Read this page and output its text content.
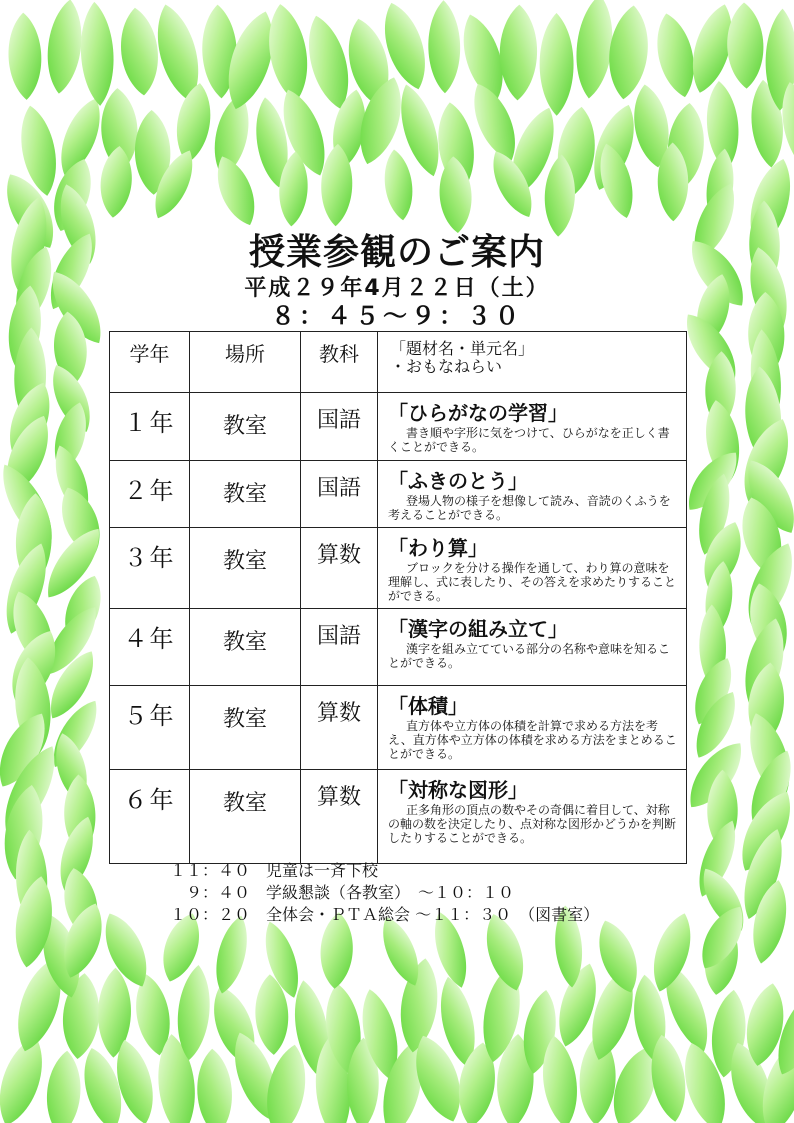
授業参観のご案内
平成２９年4月２２日（土）
８：４５〜９：３０
学年	場所	教科	「題材名・単元名」
・おもなねらい

１年	教室	国語	「ひらがなの学習」
書き順や字形に気をつけて、ひらがなを正しく書くことができる。

２年	教室	国語	「ふきのとう」
登場人物の様子を想像して読み、音読のくふうを考えることができる。

３年	教室	算数	「わり算」
ブロックを分ける操作を通して、わり算の意味を理解し、式に表したり、その答えを求めたりすることができる。

４年	教室	国語	「漢字の組み立て」
漢字を組み立てている部分の名称や意味を知ることができる。

５年	教室	算数	「体積」
直方体や立方体の体積を計算で求める方法を考え、直方体や立方体の体積を求める方法をまとめることができる。

６年	教室	算数	「対称な図形」
正多角形の頂点の数やその奇偶に着目して、対称の軸の数を決定したり、点対称な図形かどうかを判断したりすることができる。
１１：４０　児童は一斉下校
　９：４０　学級懇談（各教室）　〜１０：１０
１０：２０　全体会・ＰＴＡ総会 〜１１：３０　（図書室）
